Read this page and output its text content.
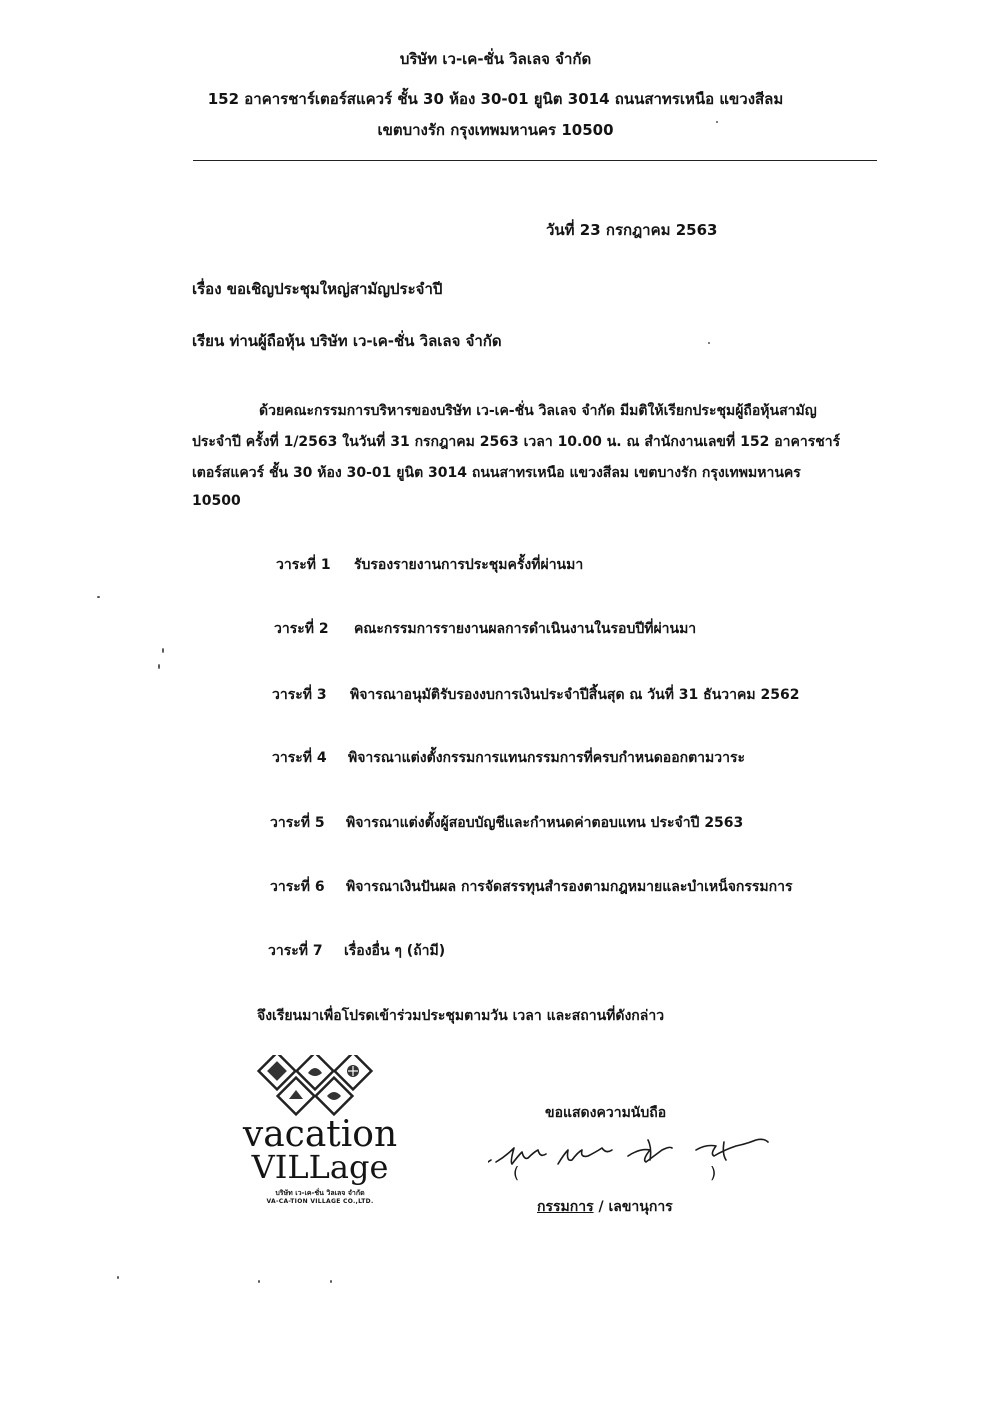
บริษัท เว-เค-ชั่น วิลเลจ จำกัด
152 อาคารชาร์เตอร์สแควร์ ชั้น 30 ห้อง 30-01 ยูนิต 3014 ถนนสาทรเหนือ แขวงสีลม
เขตบางรัก กรุงเทพมหานคร 10500
วันที่ 23 กรกฎาคม 2563
เรื่อง ขอเชิญประชุมใหญ่สามัญประจำปี
เรียน ท่านผู้ถือหุ้น บริษัท เว-เค-ชั่น วิลเลจ จำกัด
ด้วยคณะกรรมการบริหารของบริษัท เว-เค-ชั่น วิลเลจ จำกัด มีมติให้เรียกประชุมผู้ถือหุ้นสามัญ
ประจำปี ครั้งที่ 1/2563 ในวันที่ 31 กรกฎาคม 2563 เวลา 10.00 น. ณ สำนักงานเลขที่ 152 อาคารชาร์
เตอร์สแควร์ ชั้น 30 ห้อง 30-01 ยูนิต 3014 ถนนสาทรเหนือ แขวงสีลม เขตบางรัก กรุงเทพมหานคร
10500
วาระที่ 1 รับรองรายงานการประชุมครั้งที่ผ่านมา
วาระที่ 2 คณะกรรมการรายงานผลการดำเนินงานในรอบปีที่ผ่านมา
วาระที่ 3 พิจารณาอนุมัติรับรองงบการเงินประจำปีสิ้นสุด ณ วันที่ 31 ธันวาคม 2562
วาระที่ 4 พิจารณาแต่งตั้งกรรมการแทนกรรมการที่ครบกำหนดออกตามวาระ
วาระที่ 5 พิจารณาแต่งตั้งผู้สอบบัญชีและกำหนดค่าตอบแทน ประจำปี 2563
วาระที่ 6 พิจารณาเงินปันผล การจัดสรรทุนสำรองตามกฎหมายและบำเหน็จกรรมการ
วาระที่ 7 เรื่องอื่น ๆ (ถ้ามี)
จึงเรียนมาเพื่อโปรดเข้าร่วมประชุมตามวัน เวลา และสถานที่ดังกล่าว
vacation
VILLage
บริษัท เว-เค-ชั่น วิลเลจ จำกัด
VA-CA-TION VILLAGE CO.,LTD.
ขอแสดงความนับถือ
(	)
กรรมการ / เลขานุการ
